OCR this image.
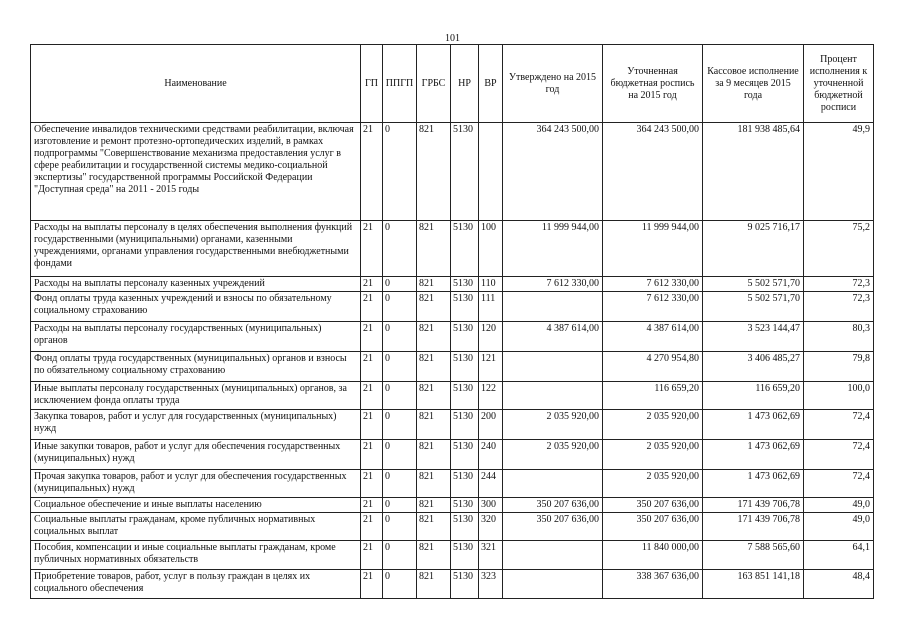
101
Наименование	ГП	ППГП	ГРБС	НР	ВР	Утверждено на 2015 год	Уточненная бюджетная роспись на 2015 год	Кассовое исполнение за 9 месяцев 2015 года	Процент исполнения к уточненной бюджетной росписи
Обеспечение инвалидов техническими средствами реабилитации, включая изготовление и ремонт протезно-ортопедических изделий, в рамках подпрограммы "Совершенствование механизма предоставления услуг в сфере реабилитации и государственной системы медико-социальной экспертизы" государственной программы Российской Федерации "Доступная среда" на 2011 - 2015 годы	21	0	821	5130		364 243 500,00	364 243 500,00	181 938 485,64	49,9
Расходы на выплаты персоналу в целях обеспечения выполнения функций государственными (муниципальными) органами, казенными учреждениями, органами управления государственными внебюджетными фондами	21	0	821	5130	100	11 999 944,00	11 999 944,00	9 025 716,17	75,2
Расходы на выплаты персоналу казенных учреждений	21	0	821	5130	110	7 612 330,00	7 612 330,00	5 502 571,70	72,3
Фонд оплаты труда казенных учреждений и взносы по обязательному социальному страхованию	21	0	821	5130	111		7 612 330,00	5 502 571,70	72,3
Расходы на выплаты персоналу государственных (муниципальных) органов	21	0	821	5130	120	4 387 614,00	4 387 614,00	3 523 144,47	80,3
Фонд оплаты труда государственных (муниципальных) органов и взносы по обязательному социальному страхованию	21	0	821	5130	121		4 270 954,80	3 406 485,27	79,8
Иные выплаты персоналу государственных (муниципальных) органов, за исключением фонда оплаты труда	21	0	821	5130	122		116 659,20	116 659,20	100,0
Закупка товаров, работ и услуг для государственных (муниципальных) нужд	21	0	821	5130	200	2 035 920,00	2 035 920,00	1 473 062,69	72,4
Иные закупки товаров, работ и услуг для обеспечения государственных (муниципальных) нужд	21	0	821	5130	240	2 035 920,00	2 035 920,00	1 473 062,69	72,4
Прочая закупка товаров, работ и услуг для обеспечения государственных (муниципальных) нужд	21	0	821	5130	244		2 035 920,00	1 473 062,69	72,4
Социальное обеспечение и иные выплаты населению	21	0	821	5130	300	350 207 636,00	350 207 636,00	171 439 706,78	49,0
Социальные выплаты гражданам, кроме публичных нормативных социальных выплат	21	0	821	5130	320	350 207 636,00	350 207 636,00	171 439 706,78	49,0
Пособия, компенсации и иные социальные выплаты гражданам, кроме публичных нормативных обязательств	21	0	821	5130	321		11 840 000,00	7 588 565,60	64,1
Приобретение товаров, работ, услуг в пользу граждан в целях их социального обеспечения	21	0	821	5130	323		338 367 636,00	163 851 141,18	48,4
